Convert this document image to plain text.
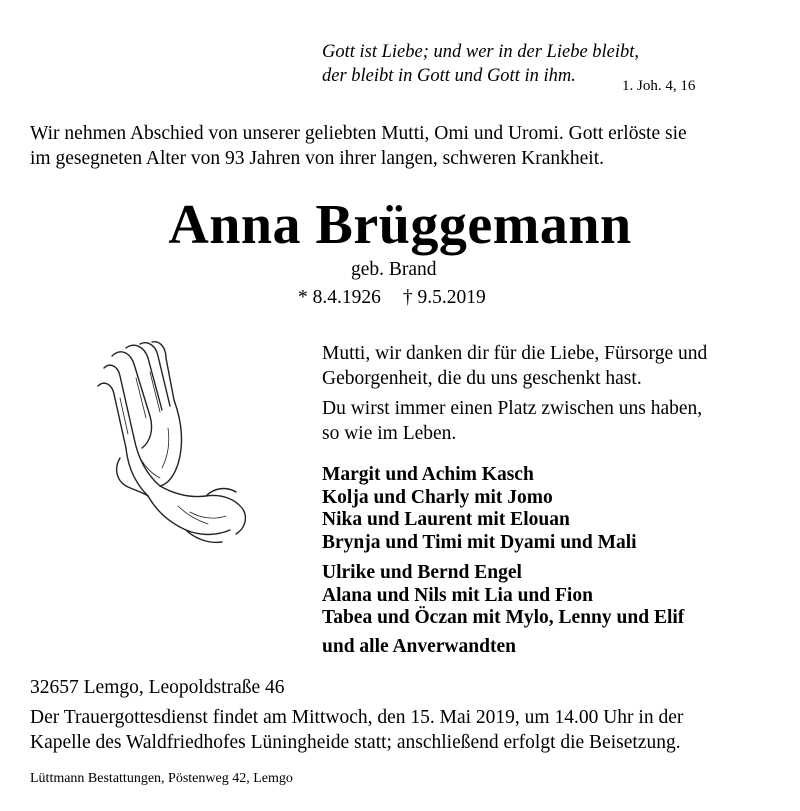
Gott ist Liebe; und wer in der Liebe bleibt,
der bleibt in Gott und Gott in ihm.	1. Joh. 4, 16
Wir nehmen Abschied von unserer geliebten Mutti, Omi und Uromi. Gott erlöste sie
im gesegneten Alter von 93 Jahren von ihrer langen, schweren Krankheit.
Anna Brüggemann
geb. Brand
* 8.4.1926 † 9.5.2019

Mutti, wir danken dir für die Liebe, Fürsorge und
Geborgenheit, die du uns geschenkt hast.

Du wirst immer einen Platz zwischen uns haben,
so wie im Leben.

Margit und Achim Kasch
Kolja und Charly mit Jomo
Nika und Laurent mit Elouan
Brynja und Timi mit Dyami und Mali
Ulrike und Bernd Engel
Alana und Nils mit Lia und Fion
Tabea und Öczan mit Mylo, Lenny und Elif
und alle Anverwandten
32657 Lemgo, Leopoldstraße 46
Der Trauergottesdienst findet am Mittwoch, den 15. Mai 2019, um 14.00 Uhr in der
Kapelle des Waldfriedhofes Lüningheide statt; anschließend erfolgt die Beisetzung.
Lüttmann Bestattungen, Pöstenweg 42, Lemgo
